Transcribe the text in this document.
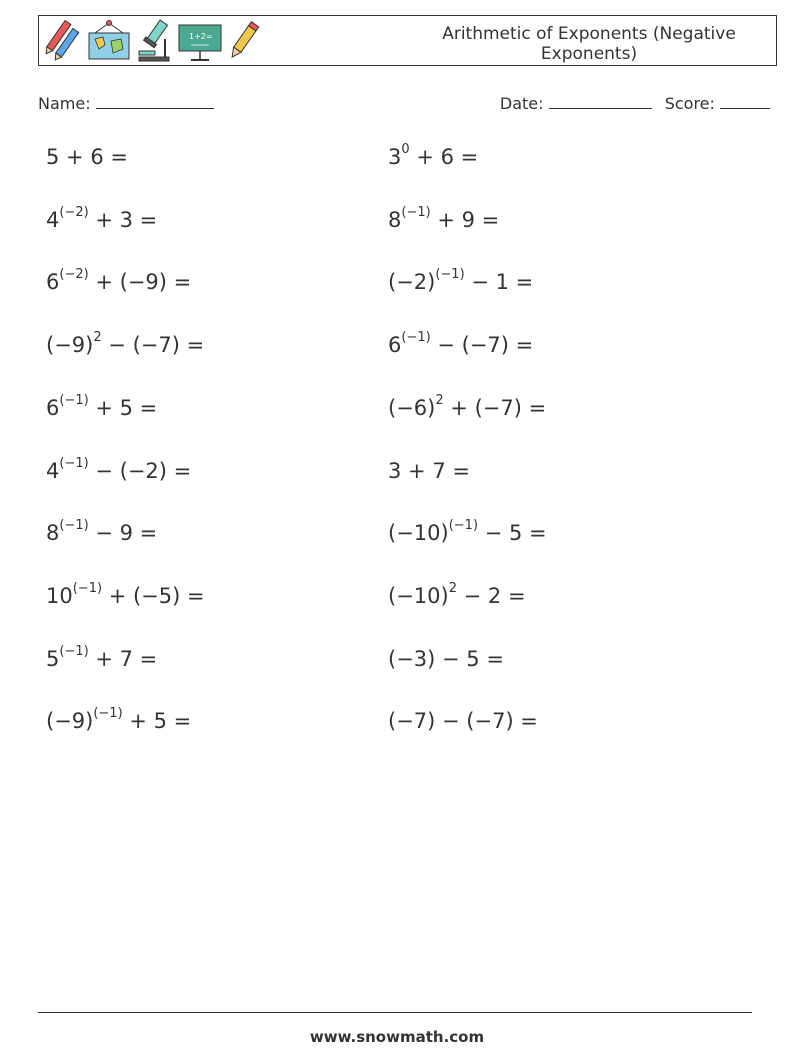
1+2=	Arithmetic of Exponents (Negative Exponents)
Name:	Date:	Score:
5 + 6 =	$3^0 + 6$ =
$4^{(-2)} + 3$ =	$8^{(-1)} + 9$ =
$6^{(-2)} + (-9)$ =	$(-2)^{(-1)} - 1$ =
$(-9)^2 - (-7)$ =	$6^{(-1)} - (-7)$ =
$6^{(-1)} + 5$ =	$(-6)^2 + (-7)$ =
$4^{(-1)} - (-2)$ =	3 + 7 =
$8^{(-1)} - 9$ =	$(-10)^{(-1)} - 5$ =
$10^{(-1)} + (-5)$ =	$(-10)^2 - 2$ =
$5^{(-1)} + 7$ =	(−3) − 5 =
$(-9)^{(-1)} + 5$ =	(−7) − (−7) =
www.snowmath.com
